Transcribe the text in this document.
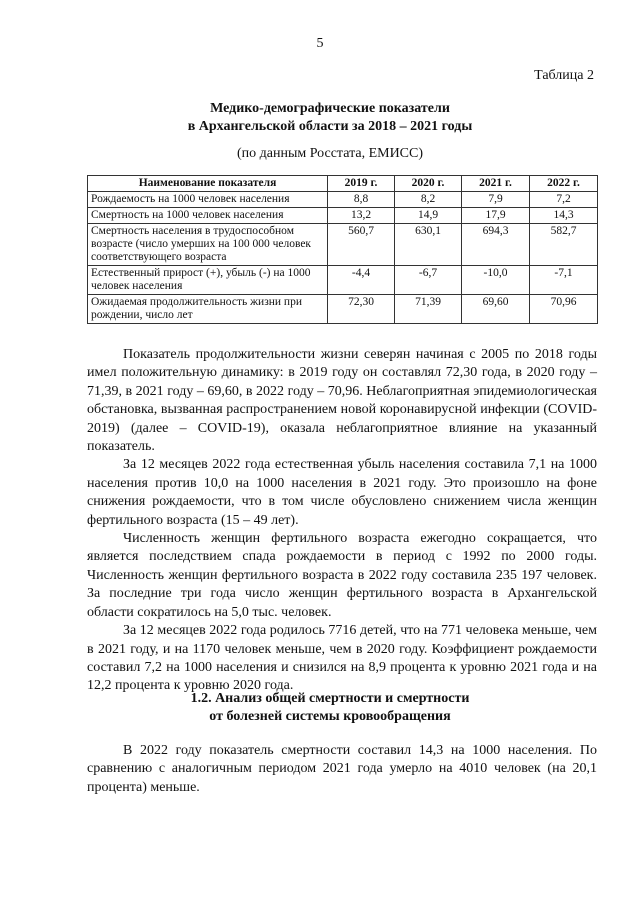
5
Таблица 2
Медико-демографические показатели
в Архангельской области за 2018 – 2021 годы
(по данным Росстата, ЕМИСС)
Наименование показателя	2019 г.	2020 г.	2021 г.	2022 г.
Рождаемость на 1000 человек населения	8,8	8,2	7,9	7,2
Смертность на 1000 человек населения	13,2	14,9	17,9	14,3
Смертность населения в трудоспособном возрасте (число умерших на 100 000 человек соответствующего возраста	560,7	630,1	694,3	582,7
Естественный прирост (+), убыль (-) на 1000 человек населения	-4,4	-6,7	-10,0	-7,1
Ожидаемая продолжительность жизни при рождении, число лет	72,30	71,39	69,60	70,96

Показатель продолжительности жизни северян начиная с 2005 по 2018 годы имел положительную динамику: в 2019 году он составлял 72,30 года, в 2020 году – 71,39, в 2021 году – 69,60, в 2022 году – 70,96. Неблагоприятная эпидемиологическая обстановка, вызванная распространением новой коронавирусной инфекции (COVID-2019) (далее – COVID-19), оказала неблагоприятное влияние на указанный показатель.

За 12 месяцев 2022 года естественная убыль населения составила 7,1 на 1000 населения против 10,0 на 1000 населения в 2021 году. Это произошло на фоне снижения рождаемости, что в том числе обусловлено снижением числа женщин фертильного возраста (15 – 49 лет).

Численность женщин фертильного возраста ежегодно сокращается, что является последствием спада рождаемости в период с 1992 по 2000 годы. Численность женщин фертильного возраста в 2022 году составила 235 197 человек. За последние три года число женщин фертильного возраста в Архангельской области сократилось на 5,0 тыс. человек.

За 12 месяцев 2022 года родилось 7716 детей, что на 771 человека меньше, чем в 2021 году, и на 1170 человек меньше, чем в 2020 году. Коэффициент рождаемости составил 7,2 на 1000 населения и снизился на 8,9 процента к уровню 2021 года и на 12,2 процента к уровню 2020 года.

1.2. Анализ общей смертности и смертности
от болезней системы кровообращения

В 2022 году показатель смертности составил 14,3 на 1000 населения. По сравнению с аналогичным периодом 2021 года умерло на 4010 человек (на 20,1 процента) меньше.
